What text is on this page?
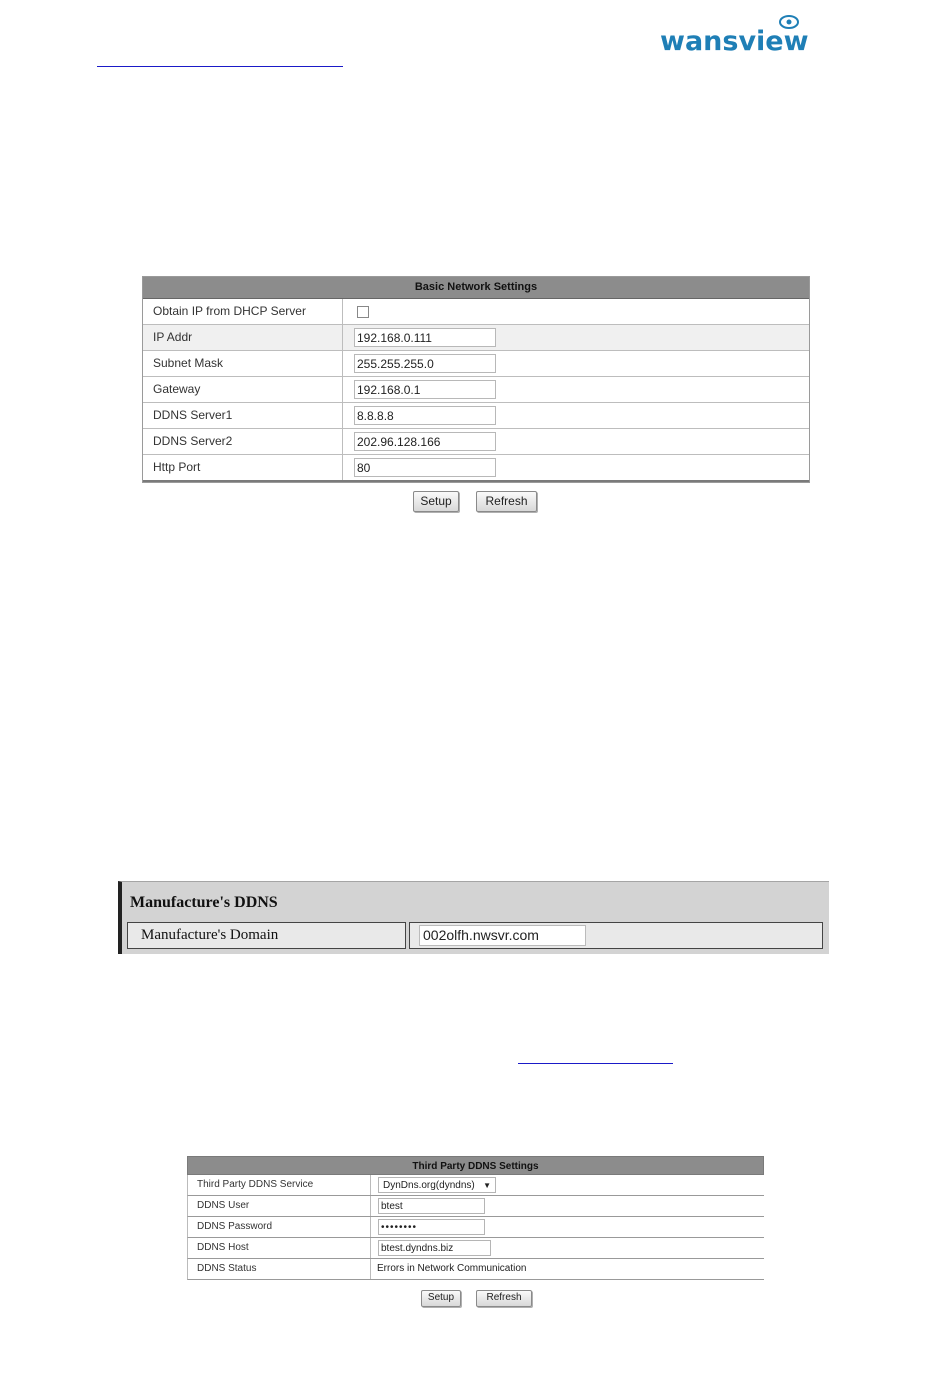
wansview
Basic Network Settings
Obtain IP from DHCP Server
IP Addr	192.168.0.111
Subnet Mask	255.255.255.0
Gateway	192.168.0.1
DDNS Server1	8.8.8.8
DDNS Server2	202.96.128.166
Http Port	80
Setup	Refresh
Manufacture's DDNS
Manufacture's Domain	002olfh.nwsvr.com
Third Party DDNS Settings
Third Party DDNS Service	DynDns.org(dyndns) ▼
DDNS User	btest
DDNS Password	••••••••
DDNS Host	btest.dyndns.biz
DDNS Status	Errors in Network Communication
Setup	Refresh
